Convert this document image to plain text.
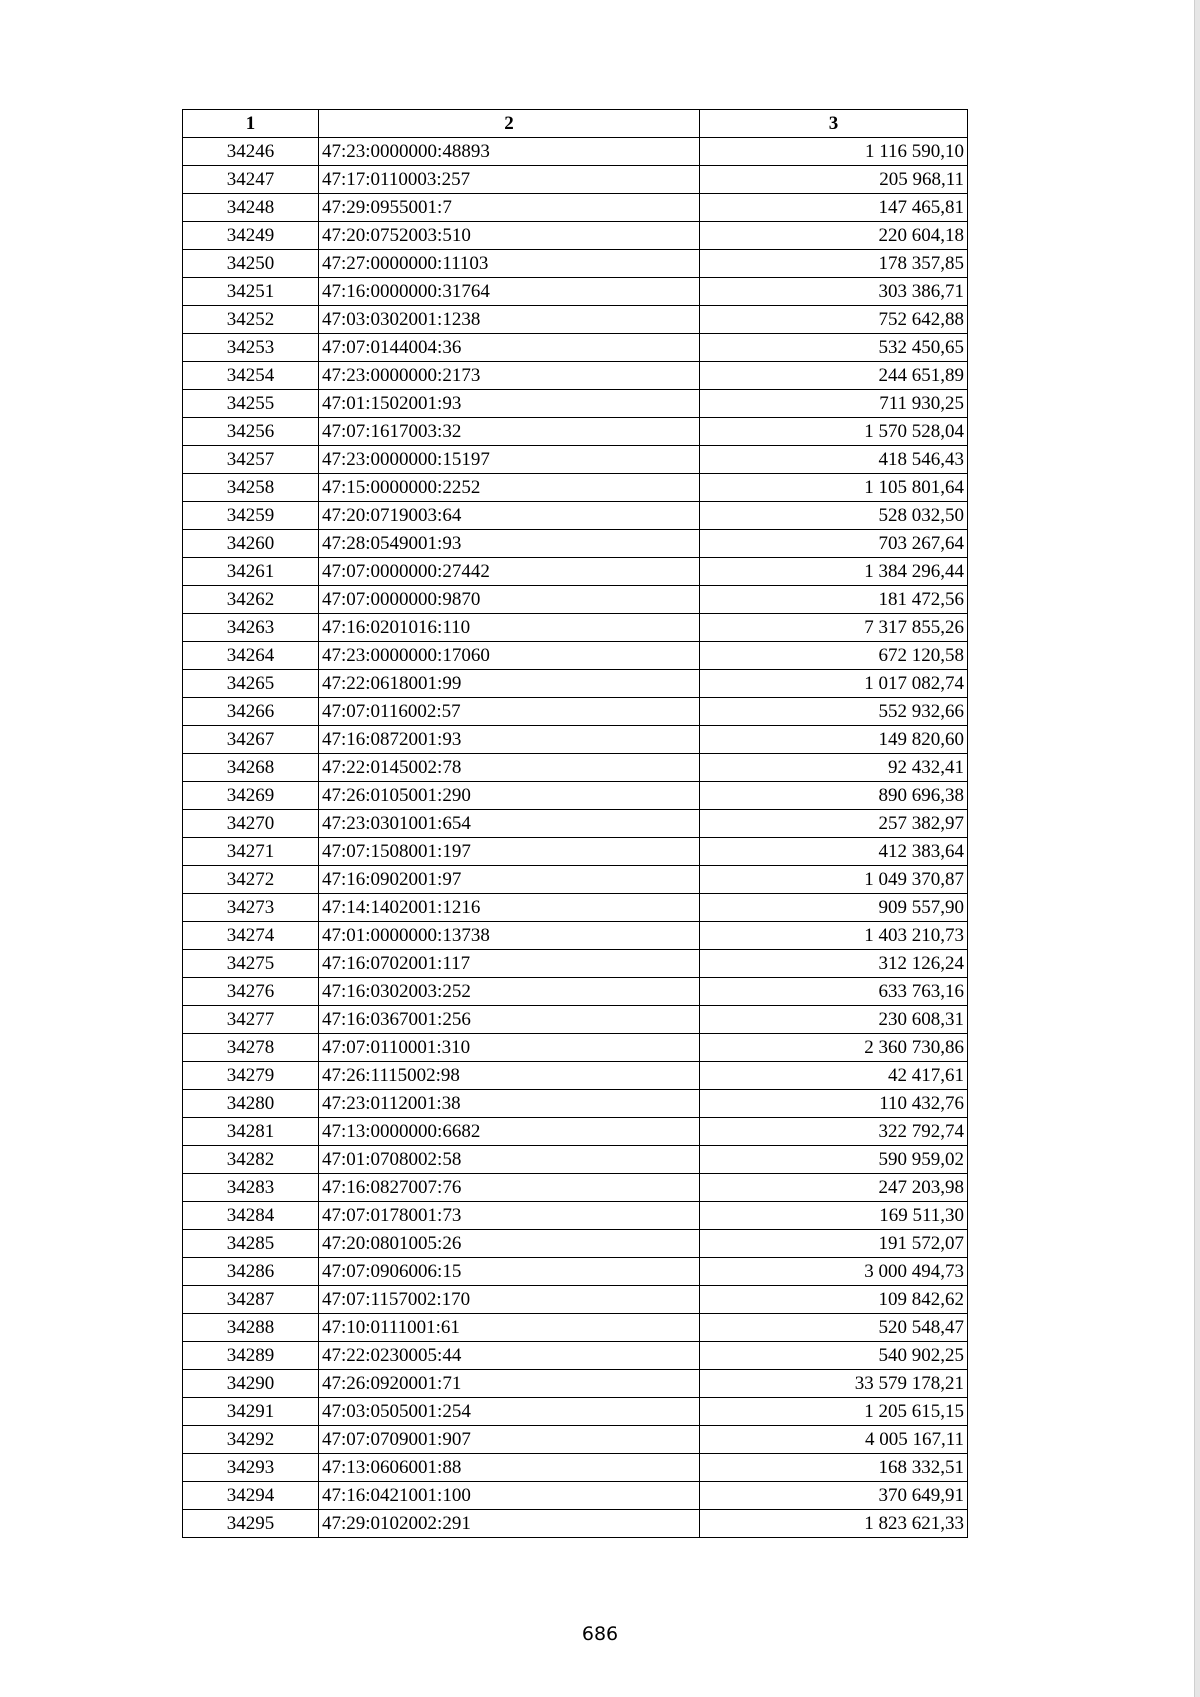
1	2	3
34246	47:23:0000000:48893	1 116 590,10
34247	47:17:0110003:257	205 968,11
34248	47:29:0955001:7	147 465,81
34249	47:20:0752003:510	220 604,18
34250	47:27:0000000:11103	178 357,85
34251	47:16:0000000:31764	303 386,71
34252	47:03:0302001:1238	752 642,88
34253	47:07:0144004:36	532 450,65
34254	47:23:0000000:2173	244 651,89
34255	47:01:1502001:93	711 930,25
34256	47:07:1617003:32	1 570 528,04
34257	47:23:0000000:15197	418 546,43
34258	47:15:0000000:2252	1 105 801,64
34259	47:20:0719003:64	528 032,50
34260	47:28:0549001:93	703 267,64
34261	47:07:0000000:27442	1 384 296,44
34262	47:07:0000000:9870	181 472,56
34263	47:16:0201016:110	7 317 855,26
34264	47:23:0000000:17060	672 120,58
34265	47:22:0618001:99	1 017 082,74
34266	47:07:0116002:57	552 932,66
34267	47:16:0872001:93	149 820,60
34268	47:22:0145002:78	92 432,41
34269	47:26:0105001:290	890 696,38
34270	47:23:0301001:654	257 382,97
34271	47:07:1508001:197	412 383,64
34272	47:16:0902001:97	1 049 370,87
34273	47:14:1402001:1216	909 557,90
34274	47:01:0000000:13738	1 403 210,73
34275	47:16:0702001:117	312 126,24
34276	47:16:0302003:252	633 763,16
34277	47:16:0367001:256	230 608,31
34278	47:07:0110001:310	2 360 730,86
34279	47:26:1115002:98	42 417,61
34280	47:23:0112001:38	110 432,76
34281	47:13:0000000:6682	322 792,74
34282	47:01:0708002:58	590 959,02
34283	47:16:0827007:76	247 203,98
34284	47:07:0178001:73	169 511,30
34285	47:20:0801005:26	191 572,07
34286	47:07:0906006:15	3 000 494,73
34287	47:07:1157002:170	109 842,62
34288	47:10:0111001:61	520 548,47
34289	47:22:0230005:44	540 902,25
34290	47:26:0920001:71	33 579 178,21
34291	47:03:0505001:254	1 205 615,15
34292	47:07:0709001:907	4 005 167,11
34293	47:13:0606001:88	168 332,51
34294	47:16:0421001:100	370 649,91
34295	47:29:0102002:291	1 823 621,33
686
